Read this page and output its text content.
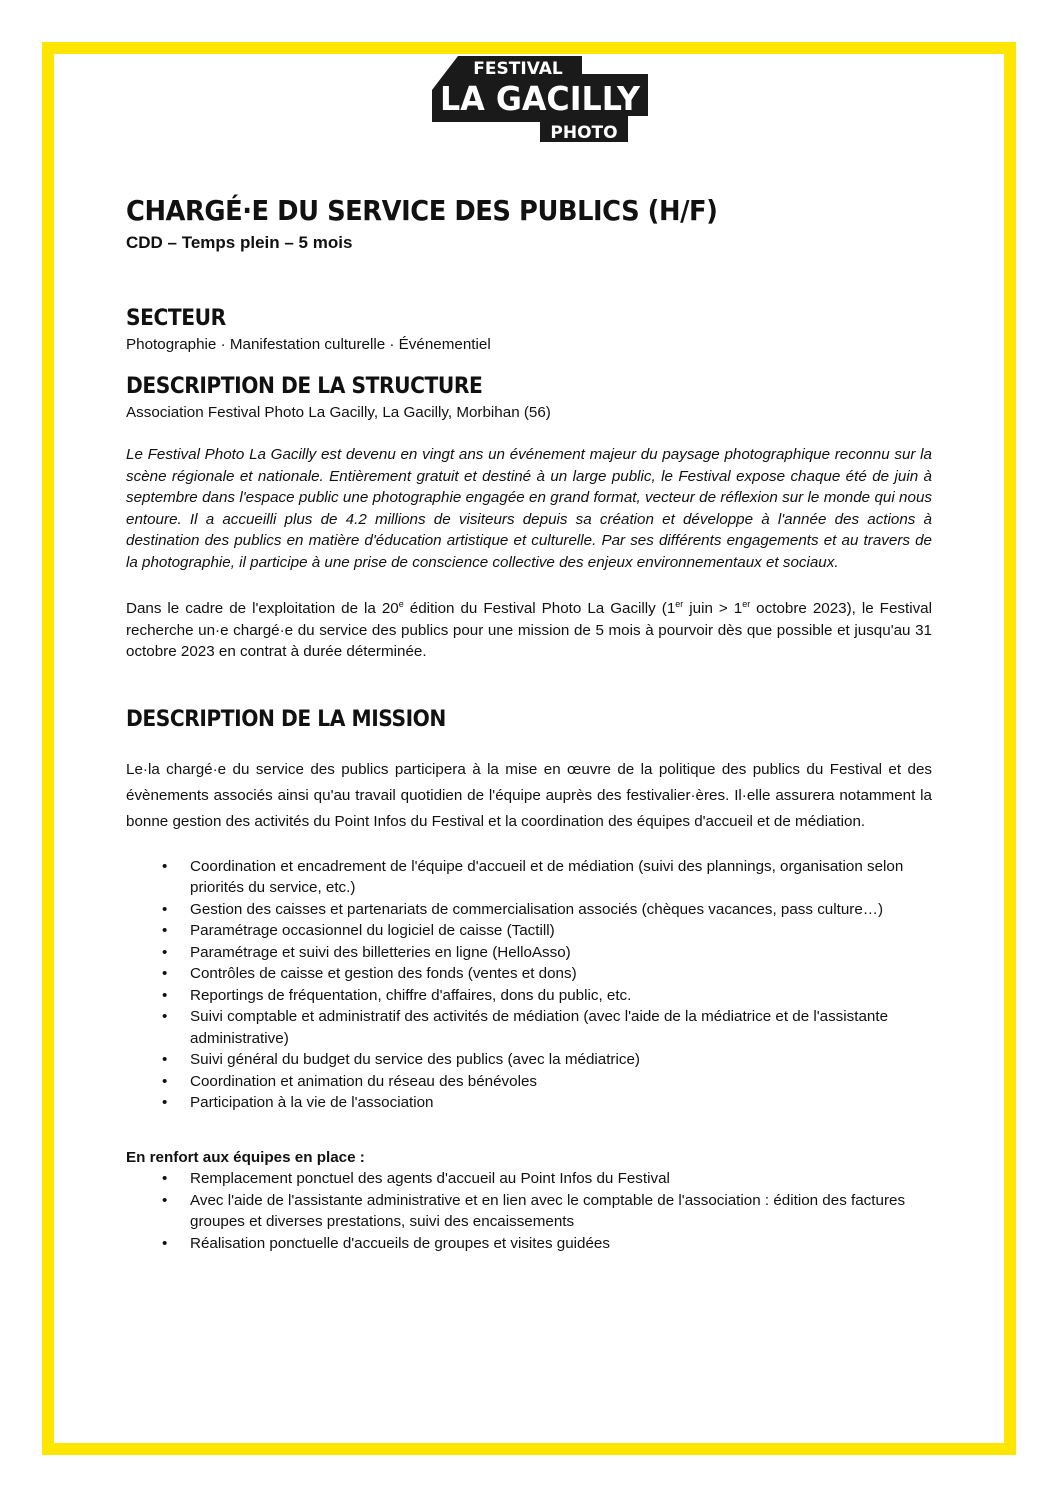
FESTIVAL
LA GACILLY
PHOTO
CHARGÉ·E DU SERVICE DES PUBLICS (H/F)
CDD – Temps plein – 5 mois
SECTEUR

Photographie · Manifestation culturelle · Événementiel

DESCRIPTION DE LA STRUCTURE

Association Festival Photo La Gacilly, La Gacilly, Morbihan (56)

Le Festival Photo La Gacilly est devenu en vingt ans un événement majeur du paysage photographique reconnu sur la scène régionale et nationale. Entièrement gratuit et destiné à un large public, le Festival expose chaque été de juin à septembre dans l'espace public une photographie engagée en grand format, vecteur de réflexion sur le monde qui nous entoure. Il a accueilli plus de 4.2 millions de visiteurs depuis sa création et développe à l'année des actions à destination des publics en matière d'éducation artistique et culturelle. Par ses différents engagements et au travers de la photographie, il participe à une prise de conscience collective des enjeux environnementaux et sociaux.

Dans le cadre de l'exploitation de la 20e édition du Festival Photo La Gacilly (1er juin > 1er octobre 2023), le Festival recherche un·e chargé·e du service des publics pour une mission de 5 mois à pourvoir dès que possible et jusqu'au 31 octobre 2023 en contrat à durée déterminée.

DESCRIPTION DE LA MISSION

Le·la chargé·e du service des publics participera à la mise en œuvre de la politique des publics du Festival et des évènements associés ainsi qu'au travail quotidien de l'équipe auprès des festivalier·ères. Il·elle assurera notamment la bonne gestion des activités du Point Infos du Festival et la coordination des équipes d'accueil et de médiation.

• Coordination et encadrement de l'équipe d'accueil et de médiation (suivi des plannings, organisation selon priorités du service, etc.)
• Gestion des caisses et partenariats de commercialisation associés (chèques vacances, pass culture…)
• Paramétrage occasionnel du logiciel de caisse (Tactill)
• Paramétrage et suivi des billetteries en ligne (HelloAsso)
• Contrôles de caisse et gestion des fonds (ventes et dons)
• Reportings de fréquentation, chiffre d'affaires, dons du public, etc.
• Suivi comptable et administratif des activités de médiation (avec l'aide de la médiatrice et de l'assistante administrative)
• Suivi général du budget du service des publics (avec la médiatrice)
• Coordination et animation du réseau des bénévoles
• Participation à la vie de l'association

En renfort aux équipes en place :

• Remplacement ponctuel des agents d'accueil au Point Infos du Festival
• Avec l'aide de l'assistante administrative et en lien avec le comptable de l'association : édition des factures groupes et diverses prestations, suivi des encaissements
• Réalisation ponctuelle d'accueils de groupes et visites guidées
